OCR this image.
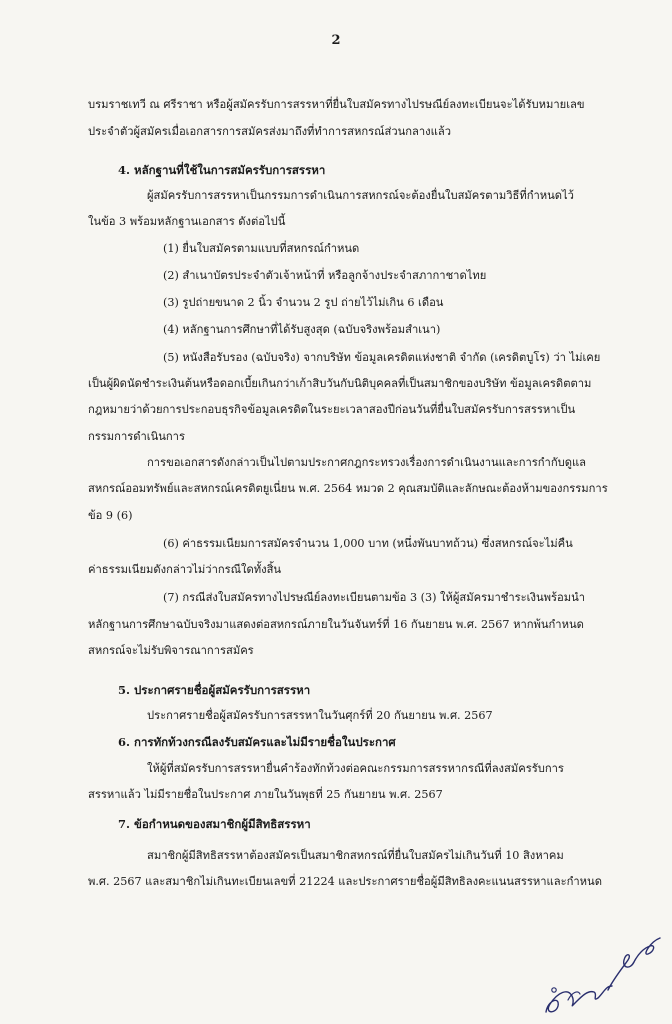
2
บรมราชเทวี ณ ศรีราชา หรือผู้สมัครรับการสรรหาที่ยื่นใบสมัครทางไปรษณีย์ลงทะเบียนจะได้รับหมายเลข
ประจำตัวผู้สมัครเมื่อเอกสารการสมัครส่งมาถึงที่ทำการสหกรณ์ส่วนกลางแล้ว
4. หลักฐานที่ใช้ในการสมัครรับการสรรหา
ผู้สมัครรับการสรรหาเป็นกรรมการดำเนินการสหกรณ์จะต้องยื่นใบสมัครตามวิธีที่กำหนดไว้
ในข้อ 3 พร้อมหลักฐานเอกสาร ดังต่อไปนี้
(1) ยื่นใบสมัครตามแบบที่สหกรณ์กำหนด
(2) สำเนาบัตรประจำตัวเจ้าหน้าที่ หรือลูกจ้างประจำสภากาชาดไทย
(3) รูปถ่ายขนาด 2 นิ้ว จำนวน 2 รูป ถ่ายไว้ไม่เกิน 6 เดือน
(4) หลักฐานการศึกษาที่ได้รับสูงสุด (ฉบับจริงพร้อมสำเนา)
(5) หนังสือรับรอง (ฉบับจริง) จากบริษัท ข้อมูลเครดิตแห่งชาติ จำกัด (เครดิตบูโร) ว่า ไม่เคย
เป็นผู้ผิดนัดชำระเงินต้นหรือดอกเบี้ยเกินกว่าเก้าสิบวันกับนิติบุคคลที่เป็นสมาชิกของบริษัท ข้อมูลเครดิตตาม
กฎหมายว่าด้วยการประกอบธุรกิจข้อมูลเครดิตในระยะเวลาสองปีก่อนวันที่ยื่นใบสมัครรับการสรรหาเป็น
กรรมการดำเนินการ
การขอเอกสารดังกล่าวเป็นไปตามประกาศกฎกระทรวงเรื่องการดำเนินงานและการกำกับดูแล
สหกรณ์ออมทรัพย์และสหกรณ์เครดิตยูเนี่ยน พ.ศ. 2564 หมวด 2 คุณสมบัติและลักษณะต้องห้ามของกรรมการ
ข้อ 9 (6)
(6) ค่าธรรมเนียมการสมัครจำนวน 1,000 บาท (หนึ่งพันบาทถ้วน) ซึ่งสหกรณ์จะไม่คืน
ค่าธรรมเนียมดังกล่าวไม่ว่ากรณีใดทั้งสิ้น
(7) กรณีส่งใบสมัครทางไปรษณีย์ลงทะเบียนตามข้อ 3 (3) ให้ผู้สมัครมาชำระเงินพร้อมนำ
หลักฐานการศึกษาฉบับจริงมาแสดงต่อสหกรณ์ภายในวันจันทร์ที่ 16 กันยายน พ.ศ. 2567 หากพ้นกำหนด
สหกรณ์จะไม่รับพิจารณาการสมัคร
5. ประกาศรายชื่อผู้สมัครรับการสรรหา
ประกาศรายชื่อผู้สมัครรับการสรรหาในวันศุกร์ที่ 20 กันยายน พ.ศ. 2567
6. การทักท้วงกรณีลงรับสมัครและไม่มีรายชื่อในประกาศ
ให้ผู้ที่สมัครรับการสรรหายื่นคำร้องทักท้วงต่อคณะกรรมการสรรหากรณีที่ลงสมัครรับการ
สรรหาแล้ว ไม่มีรายชื่อในประกาศ ภายในวันพุธที่ 25 กันยายน พ.ศ. 2567
7. ข้อกำหนดของสมาชิกผู้มีสิทธิสรรหา
สมาชิกผู้มีสิทธิสรรหาต้องสมัครเป็นสมาชิกสหกรณ์ที่ยื่นใบสมัครไม่เกินวันที่ 10 สิงหาคม
พ.ศ. 2567 และสมาชิกไม่เกินทะเบียนเลขที่ 21224 และประกาศรายชื่อผู้มีสิทธิลงคะแนนสรรหาและกำหนด
